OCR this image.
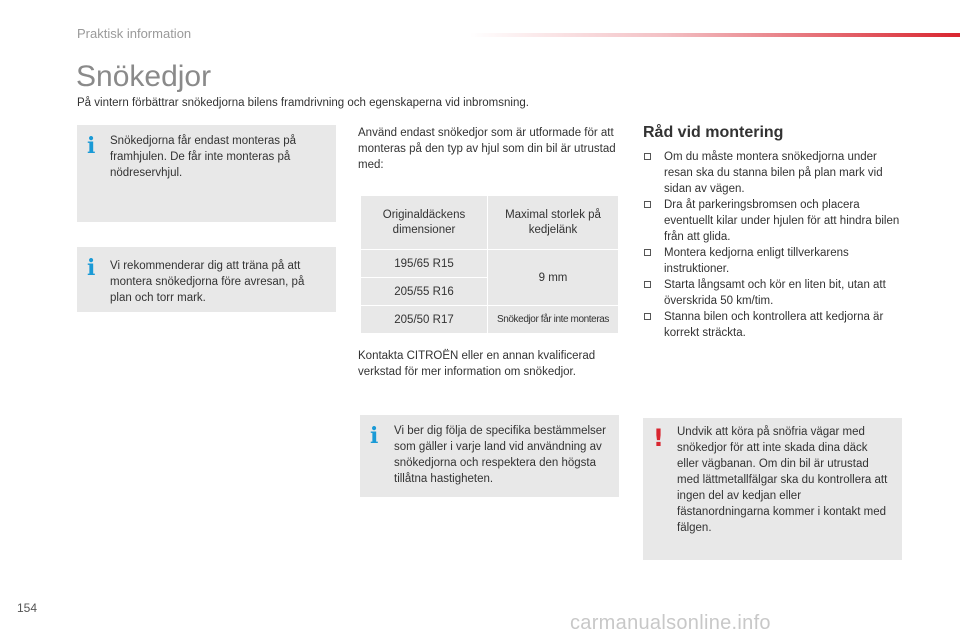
Praktisk information
Snökedjor
På vintern förbättrar snökedjorna bilens framdrivning och egenskaperna vid inbromsning.
i Snökedjorna får endast monteras på framhjulen. De får inte monteras på nödreservhjul.
i Vi rekommenderar dig att träna på att montera snökedjorna före avresan, på plan och torr mark.
Använd endast snökedjor som är utformade för att monteras på den typ av hjul som din bil är utrustad med:
Originaldäckens dimensioner	Maximal storlek på kedjelänk
195/65 R15	9 mm
205/55 R16	
205/50 R17	Snökedjor får inte monteras
Kontakta CITROËN eller en annan kvalificerad verkstad för mer information om snökedjor.
i Vi ber dig följa de specifika bestämmelser som gäller i varje land vid användning av snökedjorna och respektera den högsta tillåtna hastigheten.
Råd vid montering
Om du måste montera snökedjorna under resan ska du stanna bilen på plan mark vid sidan av vägen.
Dra åt parkeringsbromsen och placera eventuellt kilar under hjulen för att hindra bilen från att glida.
Montera kedjorna enligt tillverkarens instruktioner.
Starta långsamt och kör en liten bit, utan att överskrida 50 km/tim.
Stanna bilen och kontrollera att kedjorna är korrekt sträckta.
! Undvik att köra på snöfria vägar med snökedjor för att inte skada dina däck eller vägbanan. Om din bil är utrustad med lättmetallfälgar ska du kontrollera att ingen del av kedjan eller fästanordningarna kommer i kontakt med fälgen.
154
carmanualsonline.info
